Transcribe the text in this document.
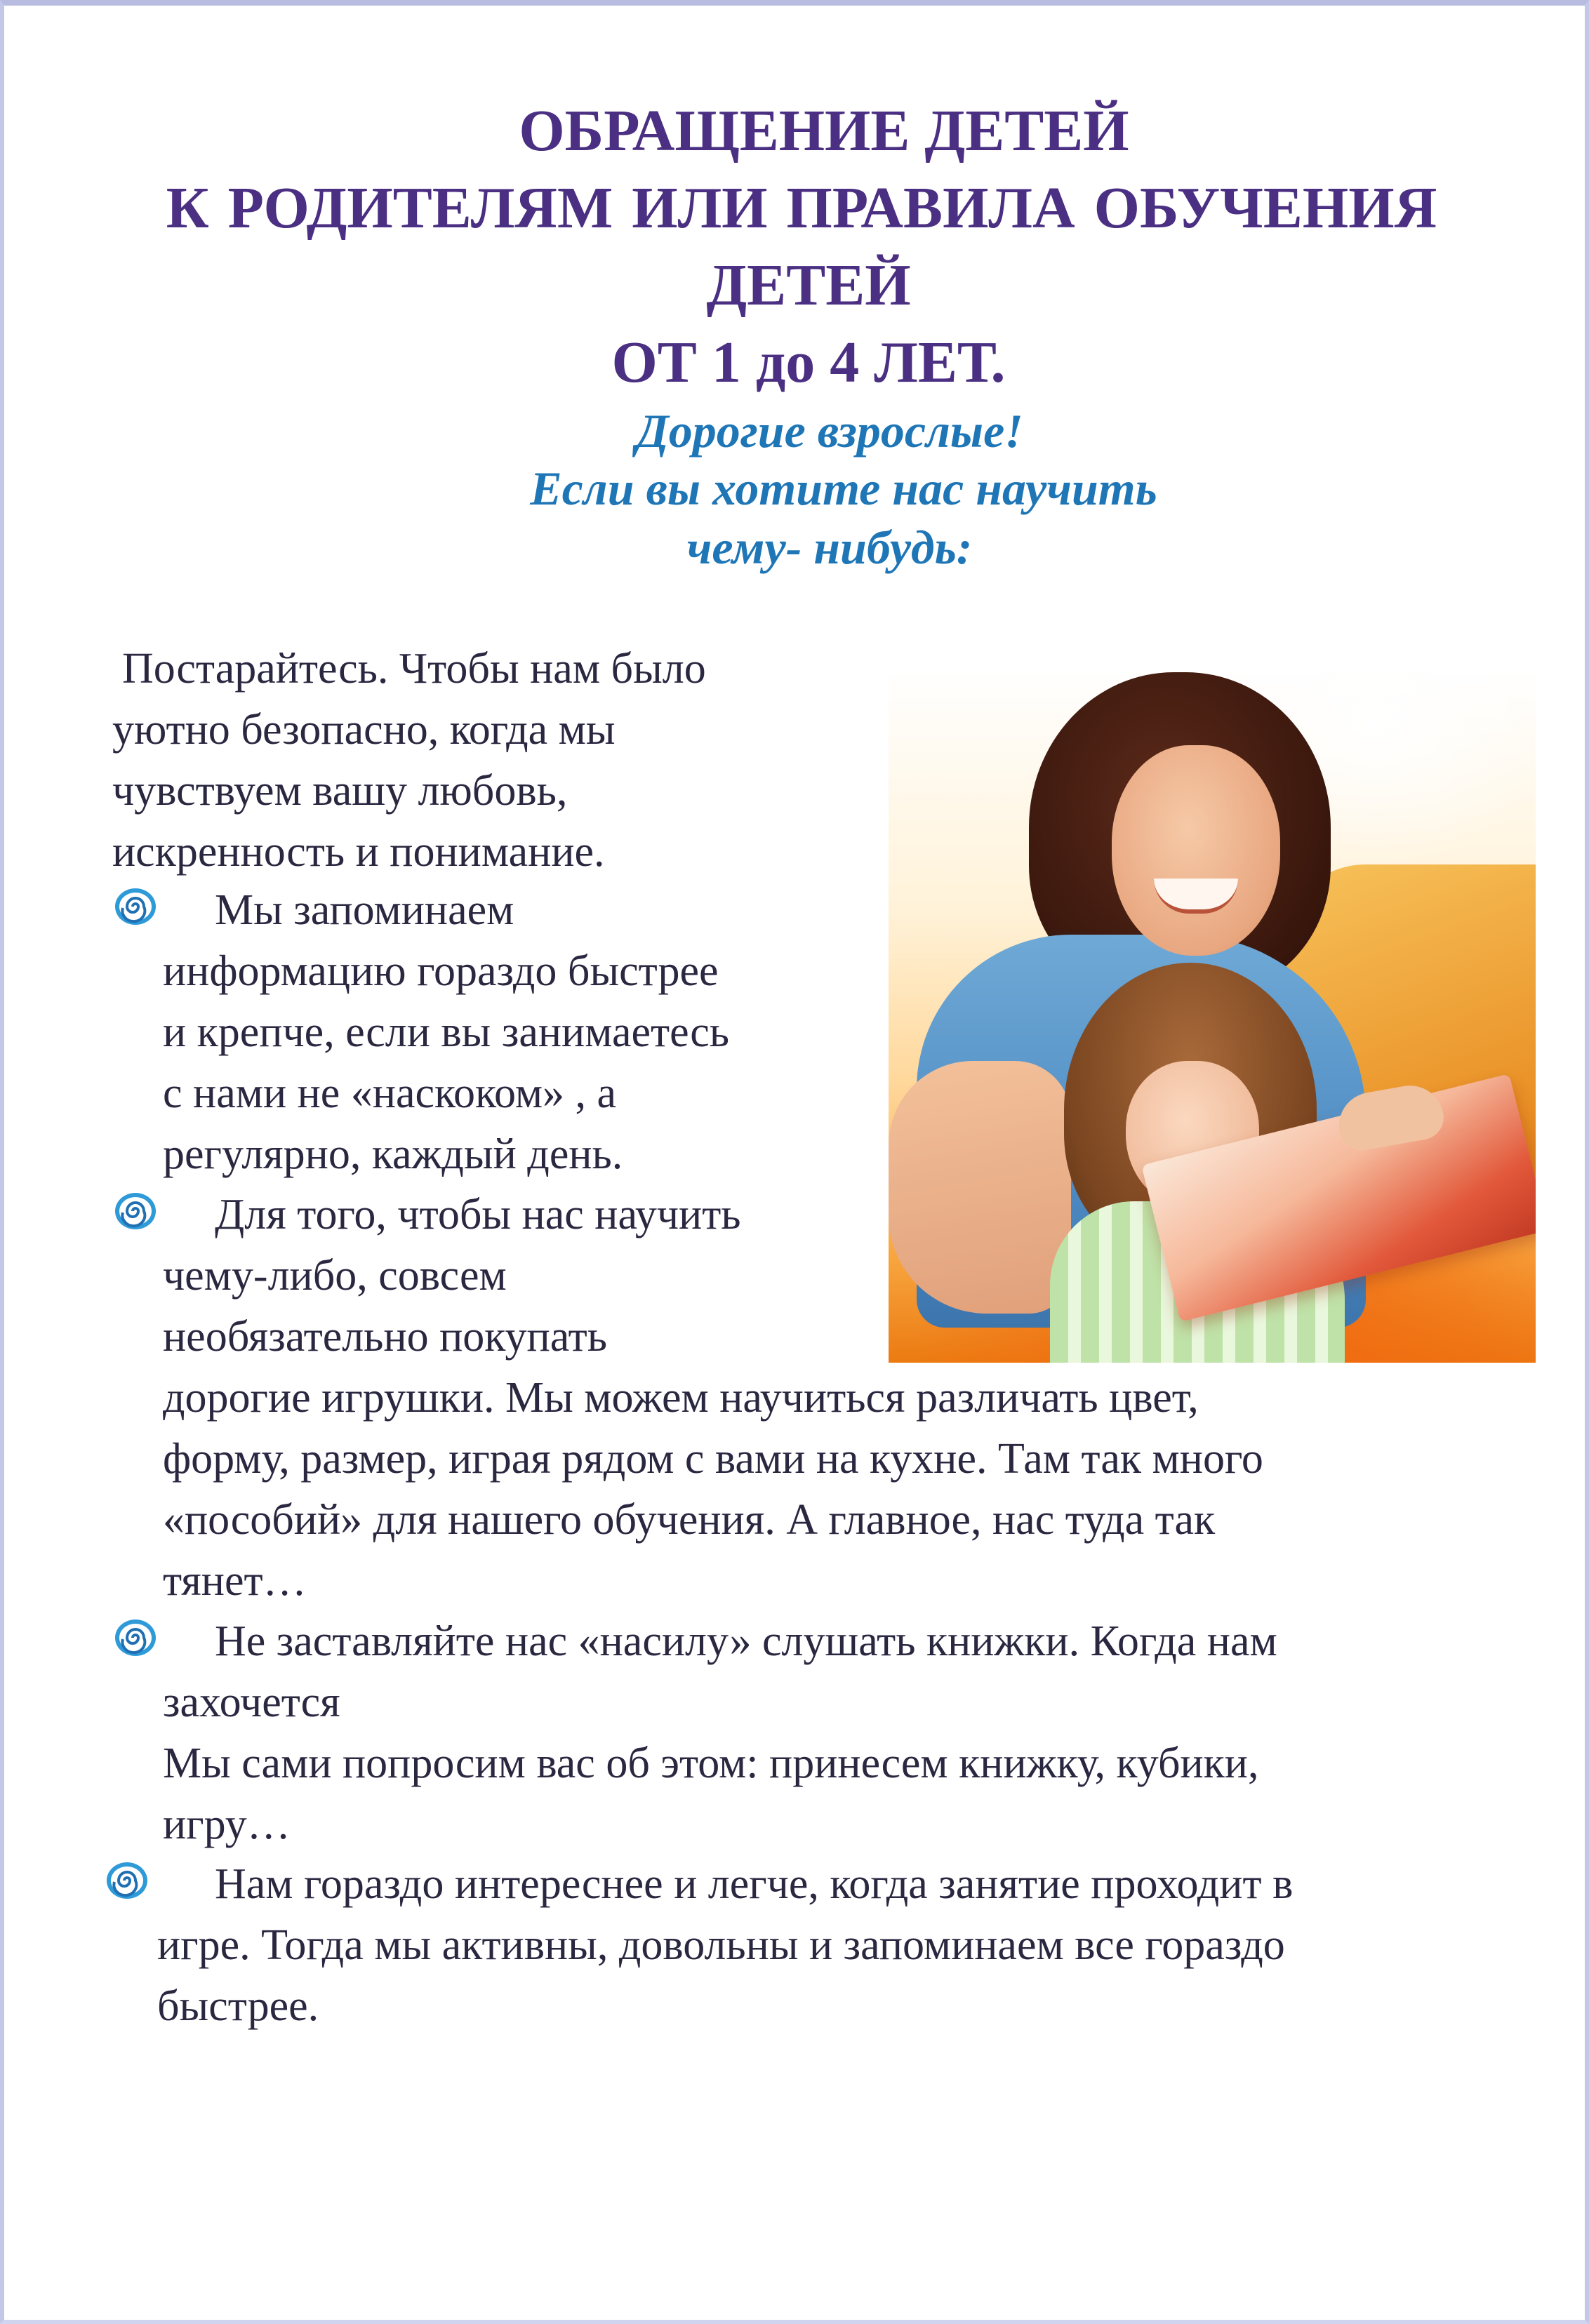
ОБРАЩЕНИЕ ДЕТЕЙ
К РОДИТЕЛЯМ ИЛИ ПРАВИЛА ОБУЧЕНИЯ
ДЕТЕЙ
ОТ 1 до 4 ЛЕТ.

Дорогие взрослые!

Если вы хотите нас научить

чему- нибудь:

Постарайтесь. Чтобы нам было

уютно безопасно, когда мы

чувствуем вашу любовь,

искренность и понимание.

Мы запоминаем

информацию гораздо быстрее

и крепче, если вы занимаетесь

с нами не «наскоком» , а

регулярно, каждый день.

Для того, чтобы нас научить

чему-либо, совсем

необязательно покупать

дорогие игрушки. Мы можем научиться различать цвет,

форму, размер, играя рядом с вами на кухне. Там так много

«пособий» для нашего обучения. А главное, нас туда так

тянет…

Не заставляйте нас «насилу» слушать книжки. Когда нам

захочется

Мы сами попросим вас об этом: принесем книжку, кубики,

игру…

Нам гораздо интереснее и легче, когда занятие проходит в

игре. Тогда мы активны, довольны и запоминаем все гораздо

быстрее.
